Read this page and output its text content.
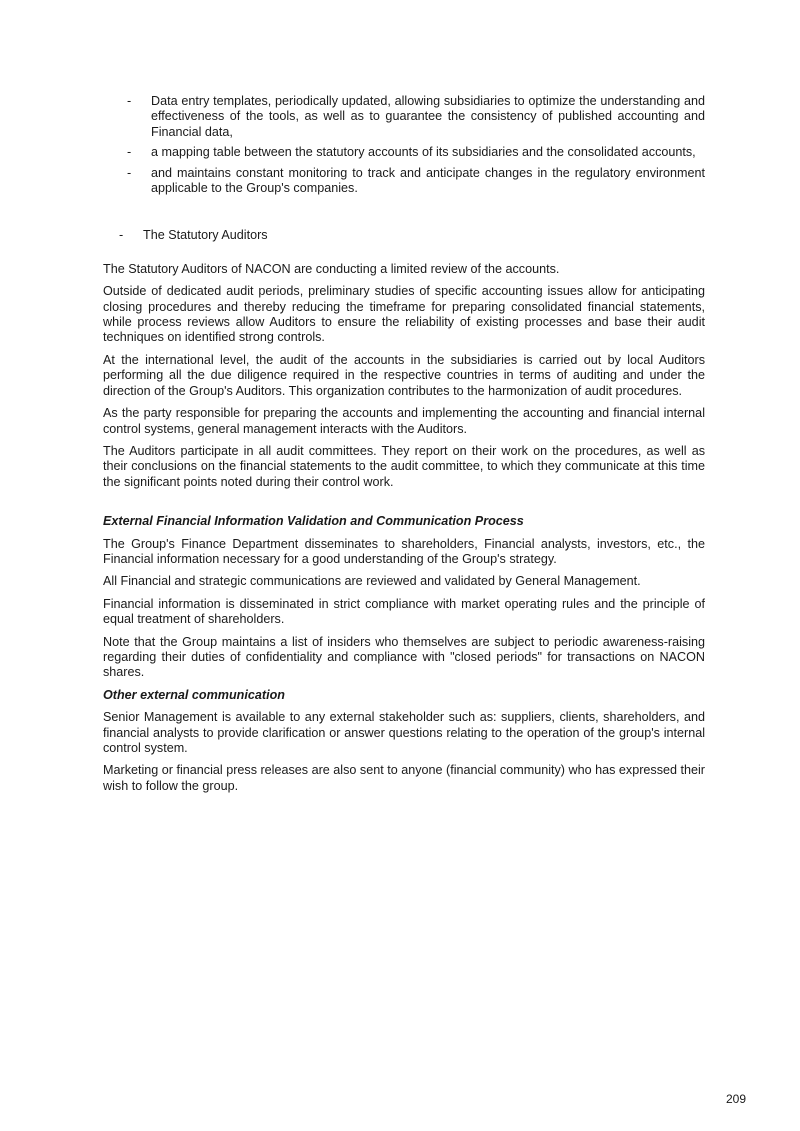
- Data entry templates, periodically updated, allowing subsidiaries to optimize the understanding and effectiveness of the tools, as well as to guarantee the consistency of published accounting and Financial data,
- a mapping table between the statutory accounts of its subsidiaries and the consolidated accounts,
- and maintains constant monitoring to track and anticipate changes in the regulatory environment applicable to the Group's companies.
- The Statutory Auditors

The Statutory Auditors of NACON are conducting a limited review of the accounts.

Outside of dedicated audit periods, preliminary studies of specific accounting issues allow for anticipating closing procedures and thereby reducing the timeframe for preparing consolidated financial statements, while process reviews allow Auditors to ensure the reliability of existing processes and base their audit techniques on identified strong controls.

At the international level, the audit of the accounts in the subsidiaries is carried out by local Auditors performing all the due diligence required in the respective countries in terms of auditing and under the direction of the Group's Auditors. This organization contributes to the harmonization of audit procedures.

As the party responsible for preparing the accounts and implementing the accounting and financial internal control systems, general management interacts with the Auditors.

The Auditors participate in all audit committees. They report on their work on the procedures, as well as their conclusions on the financial statements to the audit committee, to which they communicate at this time the significant points noted during their control work.

External Financial Information Validation and Communication Process

The Group's Finance Department disseminates to shareholders, Financial analysts, investors, etc., the Financial information necessary for a good understanding of the Group's strategy.

All Financial and strategic communications are reviewed and validated by General Management.

Financial information is disseminated in strict compliance with market operating rules and the principle of equal treatment of shareholders.

Note that the Group maintains a list of insiders who themselves are subject to periodic awareness-raising regarding their duties of confidentiality and compliance with "closed periods" for transactions on NACON shares.

Other external communication

Senior Management is available to any external stakeholder such as: suppliers, clients, shareholders, and financial analysts to provide clarification or answer questions relating to the operation of the group's internal control system.

Marketing or financial press releases are also sent to anyone (financial community) who has expressed their wish to follow the group.

209
